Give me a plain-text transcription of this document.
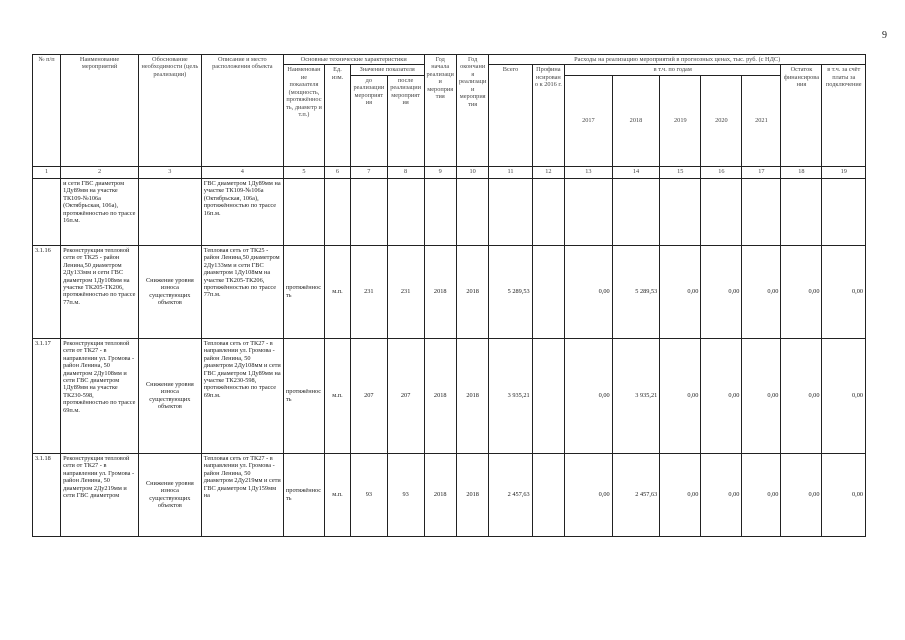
9
№ п/п	Наименование мероприятий	Обоснование необходимости (цель реализации)	Описание и место расположения объекта	Основные технические характеристики				Год начала реализации мероприятия	Год окончания реализации мероприятия	Расходы на реализацию мероприятий в прогнозных ценах, тыс. руб. (с НДС)								
				Наименование показателя (мощность, протяжённость, диаметр и т.п.)	Ед. изм.	Значение показателя				Всего	Профинансировано к 2016 г.	в т.ч. по годам					Остаток финансирования	в т.ч. за счёт платы за подключение
						до реализации мероприятия	после реализации мероприятия					2017	2018	2019	2020	2021		
1	2	3	4	5	6	7	8	9	10	11	12	13	14	15	16	17	18	19
	и сети ГВС диаметром 1Ду89мм на участке ТК109-№106а (Октябрьская, 106а), протяжённостью по трассе 16п.м.		ГВС диаметром 1Ду89мм на участке ТК109-№106а (Октябрьская, 106а), протяжённостью по трассе 16п.м.															
3.1.16	Реконструкция тепловой сети от ТК25 - район Ленина,50 диаметром 2Ду133мм и сети ГВС диаметром 1Ду108мм на участке ТК205-ТК206, протяжённостью по трассе 77п.м.	Снижение уровня износа существующих объектов	Тепловая сеть от ТК25 - район Ленина,50 диаметром 2Ду133мм и сети ГВС диаметром 1Ду108мм на участке ТК205-ТК206, протяжённостью по трассе 77п.м.	протяжённость	м.п.	231	231	2018	2018	5 289,53		0,00	5 289,53	0,00	0,00	0,00	0,00	0,00
3.1.17	Реконструкция тепловой сети от ТК27 - в направлении ул. Громова - район Ленина, 50 диаметром 2Ду108мм и сети ГВС диаметром 1Ду89мм на участке ТК230-598, протяжённостью по трассе 69п.м.	Снижение уровня износа существующих объектов	Тепловая сеть от ТК27 - в направлении ул. Громова - район Ленина, 50 диаметром 2Ду108мм и сети ГВС диаметром 1Ду89мм на участке ТК230-598, протяжённостью по трассе 69п.м.	протяжённость	м.п.	207	207	2018	2018	3 935,21		0,00	3 935,21	0,00	0,00	0,00	0,00	0,00
3.1.18	Реконструкция тепловой сети от ТК27 - в направлении ул. Громова - район Ленина, 50 диаметром 2Ду219мм и сети ГВС диаметром	Снижение уровня износа существующих объектов	Тепловая сеть от ТК27 - в направлении ул. Громова - район Ленина, 50 диаметром 2Ду219мм и сети ГВС диаметром 1Ду159мм на	протяжённость	м.п.	93	93	2018	2018	2 457,63		0,00	2 457,63	0,00	0,00	0,00	0,00	0,00
